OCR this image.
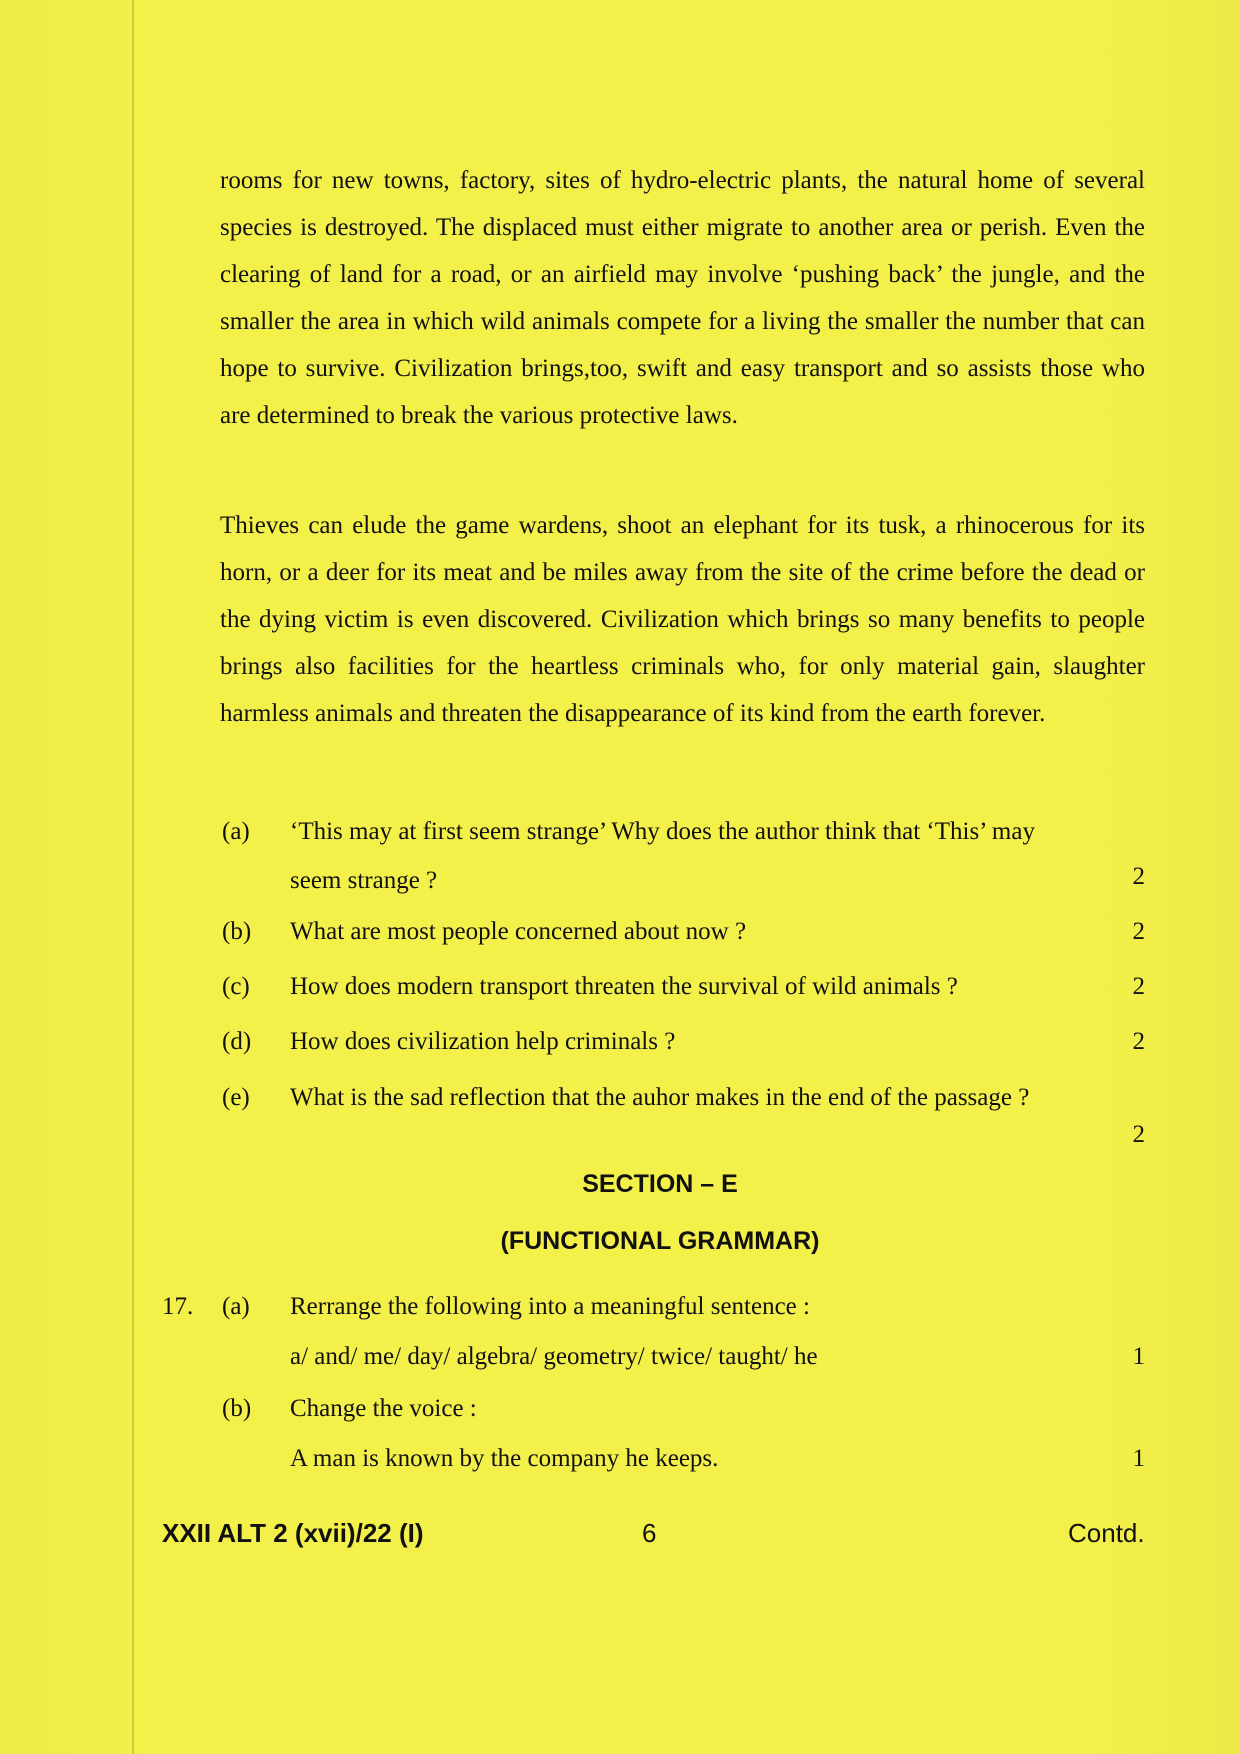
rooms for new towns, factory, sites of hydro-electric plants, the natural home of several species is destroyed. The displaced must either migrate to another area or perish. Even the clearing of land for a road, or an airfield may involve ‘pushing back’ the jungle, and the smaller the area in which wild animals compete for a living the smaller the number that can hope to survive. Civilization brings,too, swift and easy transport and so assists those who are determined to break the various protective laws.
Thieves can elude the game wardens, shoot an elephant for its tusk, a rhinocerous for its horn, or a deer for its meat and be miles away from the site of the crime before the dead or the dying victim is even discovered. Civilization which brings so many benefits to people brings also facilities for the heartless criminals who, for only material gain, slaughter harmless animals and threaten the disappearance of its kind from the earth forever.
(a) ‘This may at first seem strange’ Why does the author think that ‘This’ may
seem strange ?	2
(b) What are most people concerned about now ?	2
(c) How does modern transport threaten the survival of wild animals ?	2
(d) How does civilization help criminals ?	2
(e) What is the sad reflection that the auhor makes in the end of the passage ?
2
SECTION – E
(FUNCTIONAL GRAMMAR)
17. (a) Rerrange the following into a meaningful sentence :
a/ and/ me/ day/ algebra/ geometry/ twice/ taught/ he	1
(b) Change the voice :
A man is known by the company he keeps.	1
XXII ALT 2 (xvii)/22 (I)	6	Contd.
